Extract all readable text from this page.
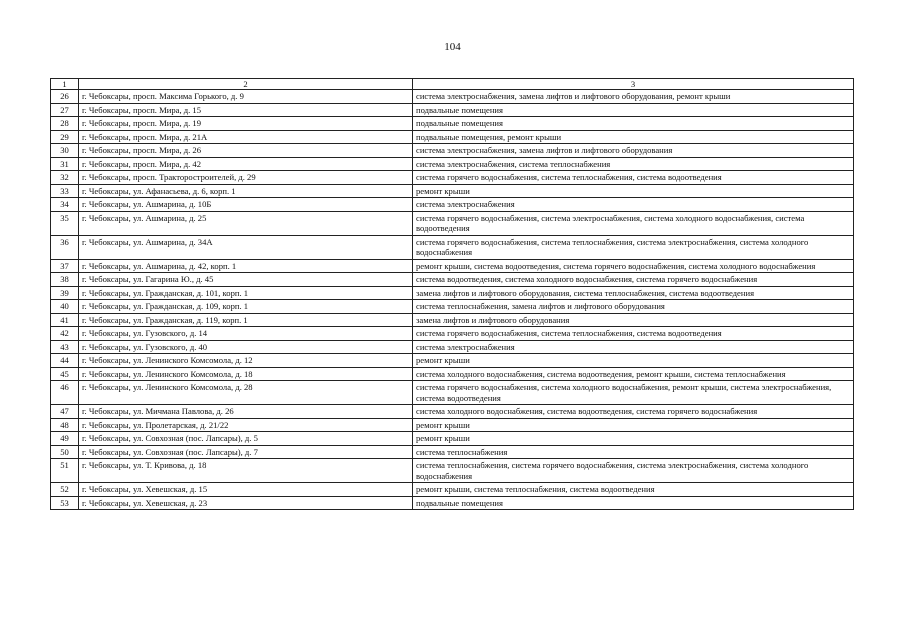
104
1	2	3
26	г. Чебоксары, просп. Максима Горького, д. 9	система электроснабжения, замена лифтов и лифтового оборудования, ремонт крыши
27	г. Чебоксары, просп. Мира, д. 15	подвальные помещения
28	г. Чебоксары, просп. Мира, д. 19	подвальные помещения
29	г. Чебоксары, просп. Мира, д. 21А	подвальные помещения, ремонт крыши
30	г. Чебоксары, просп. Мира, д. 26	система электроснабжения, замена лифтов и лифтового оборудования
31	г. Чебоксары, просп. Мира, д. 42	система электроснабжения, система теплоснабжения
32	г. Чебоксары, просп. Тракторостроителей, д. 29	система горячего водоснабжения, система теплоснабжения, система водоотведения
33	г. Чебоксары, ул. Афанасьева, д. 6, корп. 1	ремонт крыши
34	г. Чебоксары, ул. Ашмарина, д. 10Б	система электроснабжения
35	г. Чебоксары, ул. Ашмарина, д. 25	система горячего водоснабжения, система электроснабжения, система холодного водоснабжения, система водоотведения
36	г. Чебоксары, ул. Ашмарина, д. 34А	система горячего водоснабжения, система теплоснабжения, система электроснабжения, система холодного водоснабжения
37	г. Чебоксары, ул. Ашмарина, д. 42, корп. 1	ремонт крыши, система водоотведения, система горячего водоснабжения, система холодного водоснабжения
38	г. Чебоксары, ул. Гагарина Ю., д. 45	система водоотведения, система холодного водоснабжения, система горячего водоснабжения
39	г. Чебоксары, ул. Гражданская, д. 101, корп. 1	замена лифтов и лифтового оборудования, система теплоснабжения, система водоотведения
40	г. Чебоксары, ул. Гражданская, д. 109, корп. 1	система теплоснабжения, замена лифтов и лифтового оборудования
41	г. Чебоксары, ул. Гражданская, д. 119, корп. 1	замена лифтов и лифтового оборудования
42	г. Чебоксары, ул. Гузовского, д. 14	система горячего водоснабжения, система теплоснабжения, система водоотведения
43	г. Чебоксары, ул. Гузовского, д. 40	система электроснабжения
44	г. Чебоксары, ул. Ленинского Комсомола, д. 12	ремонт крыши
45	г. Чебоксары, ул. Ленинского Комсомола, д. 18	система холодного водоснабжения, система водоотведения, ремонт крыши, система теплоснабжения
46	г. Чебоксары, ул. Ленинского Комсомола, д. 28	система горячего водоснабжения, система холодного водоснабжения, ремонт крыши, система электроснабжения, система водоотведения
47	г. Чебоксары, ул. Мичмана Павлова, д. 26	система холодного водоснабжения, система водоотведения, система горячего водоснабжения
48	г. Чебоксары, ул. Пролетарская, д. 21/22	ремонт крыши
49	г. Чебоксары, ул. Совхозная (пос. Лапсары), д. 5	ремонт крыши
50	г. Чебоксары, ул. Совхозная (пос. Лапсары), д. 7	система теплоснабжения
51	г. Чебоксары, ул. Т. Кривова, д. 18	система теплоснабжения, система горячего водоснабжения, система электроснабжения, система холодного водоснабжения
52	г. Чебоксары, ул. Хевешская, д. 15	ремонт крыши, система теплоснабжения, система водоотведения
53	г. Чебоксары, ул. Хевешская, д. 23	подвальные помещения
